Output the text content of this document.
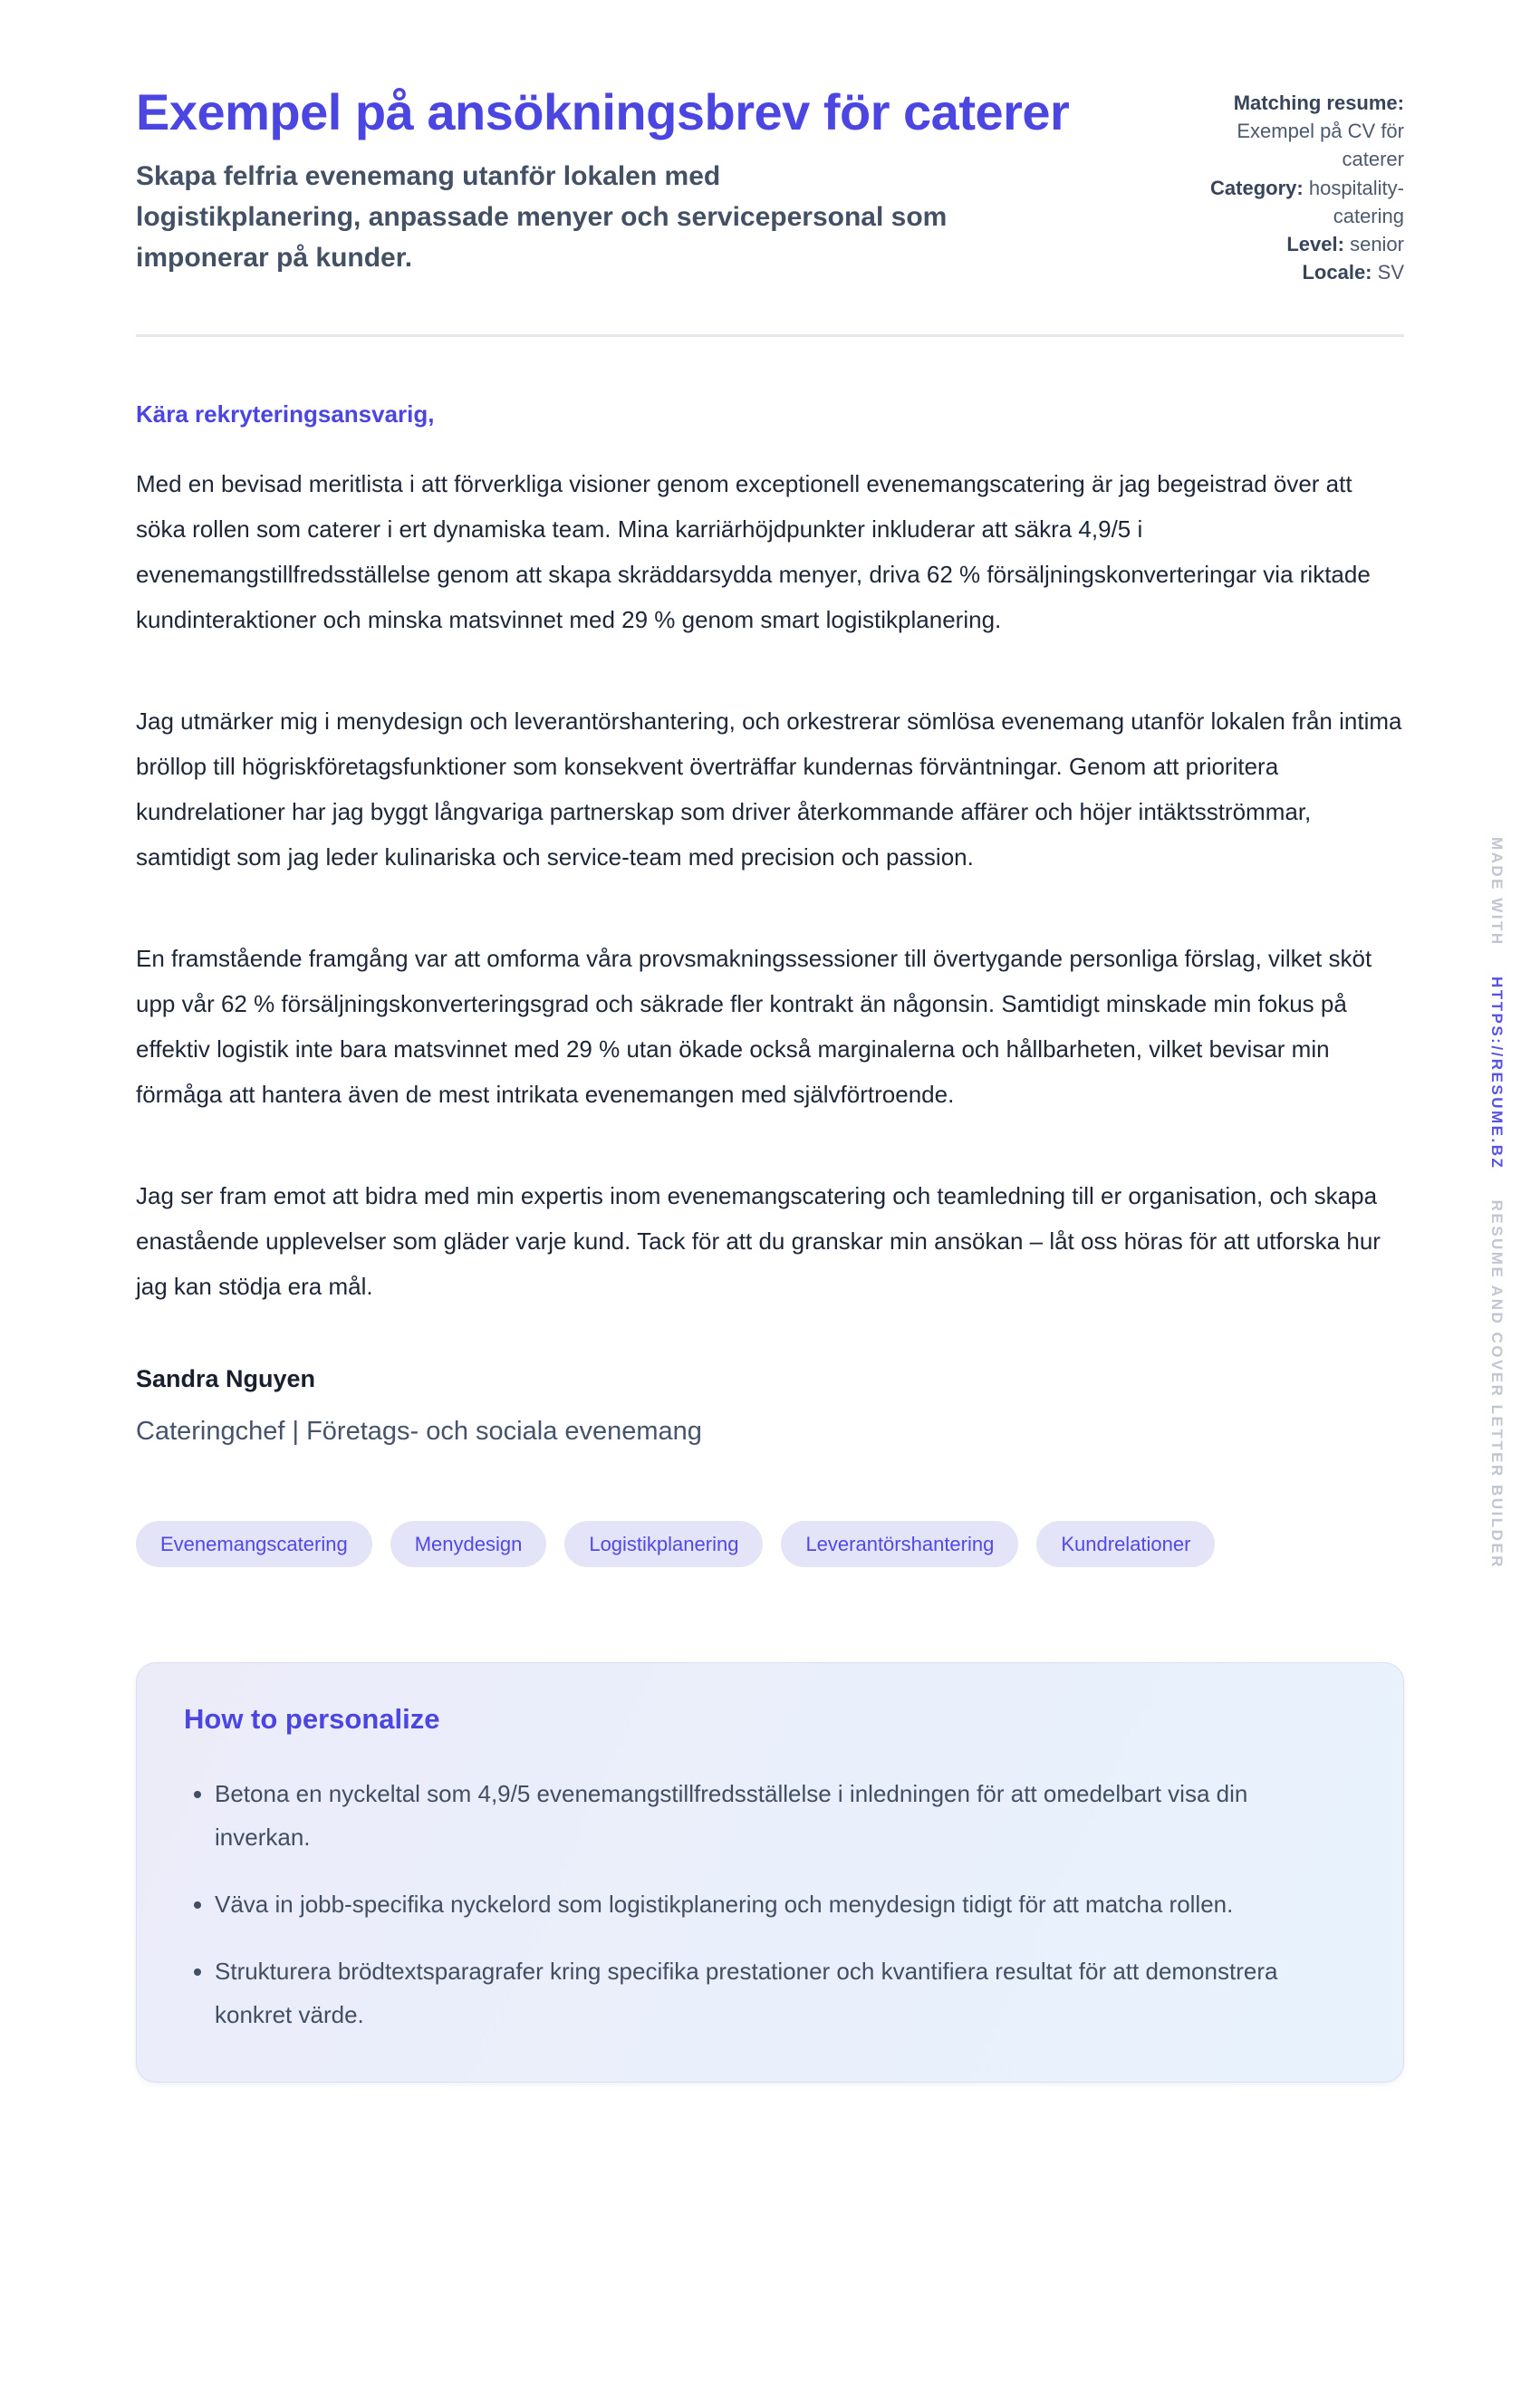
Exempel på ansökningsbrev för caterer

Skapa felfria evenemang utanför lokalen med logistikplanering, anpassade menyer och servicepersonal som imponerar på kunder.

Matching resume: Exempel på CV för caterer
Category: hospitality-catering
Level: senior
Locale: SV

Kära rekryteringsansvarig,

Med en bevisad meritlista i att förverkliga visioner genom exceptionell evenemangscatering är jag begeistrad över att söka rollen som caterer i ert dynamiska team. Mina karriärhöjdpunkter inkluderar att säkra 4,9/5 i evenemangstillfredsställelse genom att skapa skräddarsydda menyer, driva 62 % försäljningskonverteringar via riktade kundinteraktioner och minska matsvinnet med 29 % genom smart logistikplanering.

Jag utmärker mig i menydesign och leverantörshantering, och orkestrerar sömlösa evenemang utanför lokalen från intima bröllop till högriskföretagsfunktioner som konsekvent överträffar kundernas förväntningar. Genom att prioritera kundrelationer har jag byggt långvariga partnerskap som driver återkommande affärer och höjer intäktsströmmar, samtidigt som jag leder kulinariska och service-team med precision och passion.

En framstående framgång var att omforma våra provsmakningssessioner till övertygande personliga förslag, vilket sköt upp vår 62 % försäljningskonverteringsgrad och säkrade fler kontrakt än någonsin. Samtidigt minskade min fokus på effektiv logistik inte bara matsvinnet med 29 % utan ökade också marginalerna och hållbarheten, vilket bevisar min förmåga att hantera även de mest intrikata evenemangen med självförtroende.

Jag ser fram emot att bidra med min expertis inom evenemangscatering och teamledning till er organisation, och skapa enastående upplevelser som gläder varje kund. Tack för att du granskar min ansökan – låt oss höras för att utforska hur jag kan stödja era mål.

Sandra Nguyen

Cateringchef | Företags- och sociala evenemang

Evenemangscatering	Menydesign	Logistikplanering	Leverantörshantering	Kundrelationer
How to personalize
• Betona en nyckeltal som 4,9/5 evenemangstillfredsställelse i inledningen för att omedelbart visa din inverkan.
• Väva in jobb-specifika nyckelord som logistikplanering och menydesign tidigt för att matcha rollen.
• Strukturera brödtextsparagrafer kring specifika prestationer och kvantifiera resultat för att demonstrera konkret värde.
MADE WITH HTTPS://RESUME.BZ RESUME AND COVER LETTER BUILDER
